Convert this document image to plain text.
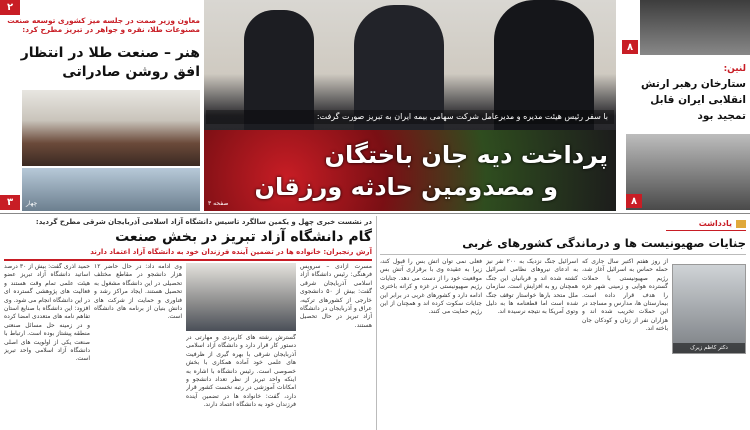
۲
معاون وزیر صمت در جلسه میز کشوری توسعه صنعت مصنوعات طلا، نقره و جواهر در تبریز مطرح کرد:
هنر – صنعت طلا در انتظار افق روشن صادراتی
۳	چهار
با سفر رئیس هیئت مدیره و مدیرعامل شرکت سهامی بیمه ایران به تبریز صورت گرفت:
پرداخت دیه جان باختگان
و مصدومین حادثه ورزقان
صفحه ۳
۸
لنین:
ستارخان رهبر ارتش انقلابی ایران قابل تمجید بود
۸
در نشست خبری چهل و یکمین سالگرد تاسیس دانشگاه آزاد اسلامی آذربایجان شرقی مطرح گردید:
گام دانشگاه آزاد تبریز در بخش صنعت
آرش رنجبران: خانواده ها در تضمین آینده فرزندان خود به دانشگاه آزاد اعتماد دارند
مسرت آزادی – سرویس فرهنگی: رئیس دانشگاه آزاد اسلامی آذربایجان شرقی گفت: بیش از ۵۰ دانشجوی خارجی از کشورهای ترکیه، عراق و آذربایجان در دانشگاه آزاد تبریز در حال تحصیل هستند.
گسترش رشته های کاربردی و مهارتی در دستور کار قرار دارد و دانشگاه آزاد اسلامی آذربایجان شرقی با بهره گیری از ظرفیت های علمی خود آماده همکاری با بخش خصوصی است. رئیس دانشگاه با اشاره به اینکه واحد تبریز از نظر تعداد دانشجو و امکانات آموزشی در رتبه نخست کشور قرار دارد، گفت: خانواده ها در تضمین آینده فرزندان خود به دانشگاه اعتماد دارند.
وی ادامه داد: در حال حاضر ۱۲ هزار دانشجو در مقاطع مختلف تحصیلی در این دانشگاه مشغول به تحصیل هستند. ایجاد مراکز رشد و فناوری و حمایت از شرکت های دانش بنیان از برنامه های دانشگاه است.
حمید آذری گفت: بیش از ۳۰ درصد اساتید دانشگاه آزاد تبریز عضو هیئت علمی تمام وقت هستند و فعالیت های پژوهشی گسترده ای در این دانشگاه انجام می شود. وی افزود: این دانشگاه با صنایع استان تفاهم نامه های متعددی امضا کرده و در زمینه حل مسائل صنعتی منطقه پیشتاز بوده است. ارتباط با صنعت یکی از اولویت های اصلی دانشگاه آزاد اسلامی واحد تبریز است.
یادداشت
جنایات صهیونیست ها و درماندگی کشورهای غربی
دکتر کاظم زیرک
از روز هفتم اکتبر سال جاری که حمله حماس به اسرائیل آغاز شد، رژیم صهیونیستی با حملات گسترده هوایی و زمینی شهر غزه را هدف قرار داده است. بیمارستان ها، مدارس و مساجد در این حملات تخریب شده اند و هزاران نفر از زنان و کودکان جان باخته اند.
اسرائیل جنگ نزدیک به ۲۰۰ نفر نیز به ادعای نیروهای نظامی اسرائیل کشته شده اند و قربانیان این جنگ همچنان رو به افزایش است. سازمان ملل متحد بارها خواستار توقف جنگ شده است اما قطعنامه ها به دلیل وتوی آمریکا به نتیجه نرسیده اند.
فعلی نمی توان آتش بس را قبول کند، زیرا به عقیده وی با برقراری آتش بس موقعیت خود را از دست می دهد. جنایات رژیم صهیونیستی در غزه و کرانه باختری ادامه دارد و کشورهای غربی در برابر این جنایات سکوت کرده اند و همچنان از این رژیم حمایت می کنند.
